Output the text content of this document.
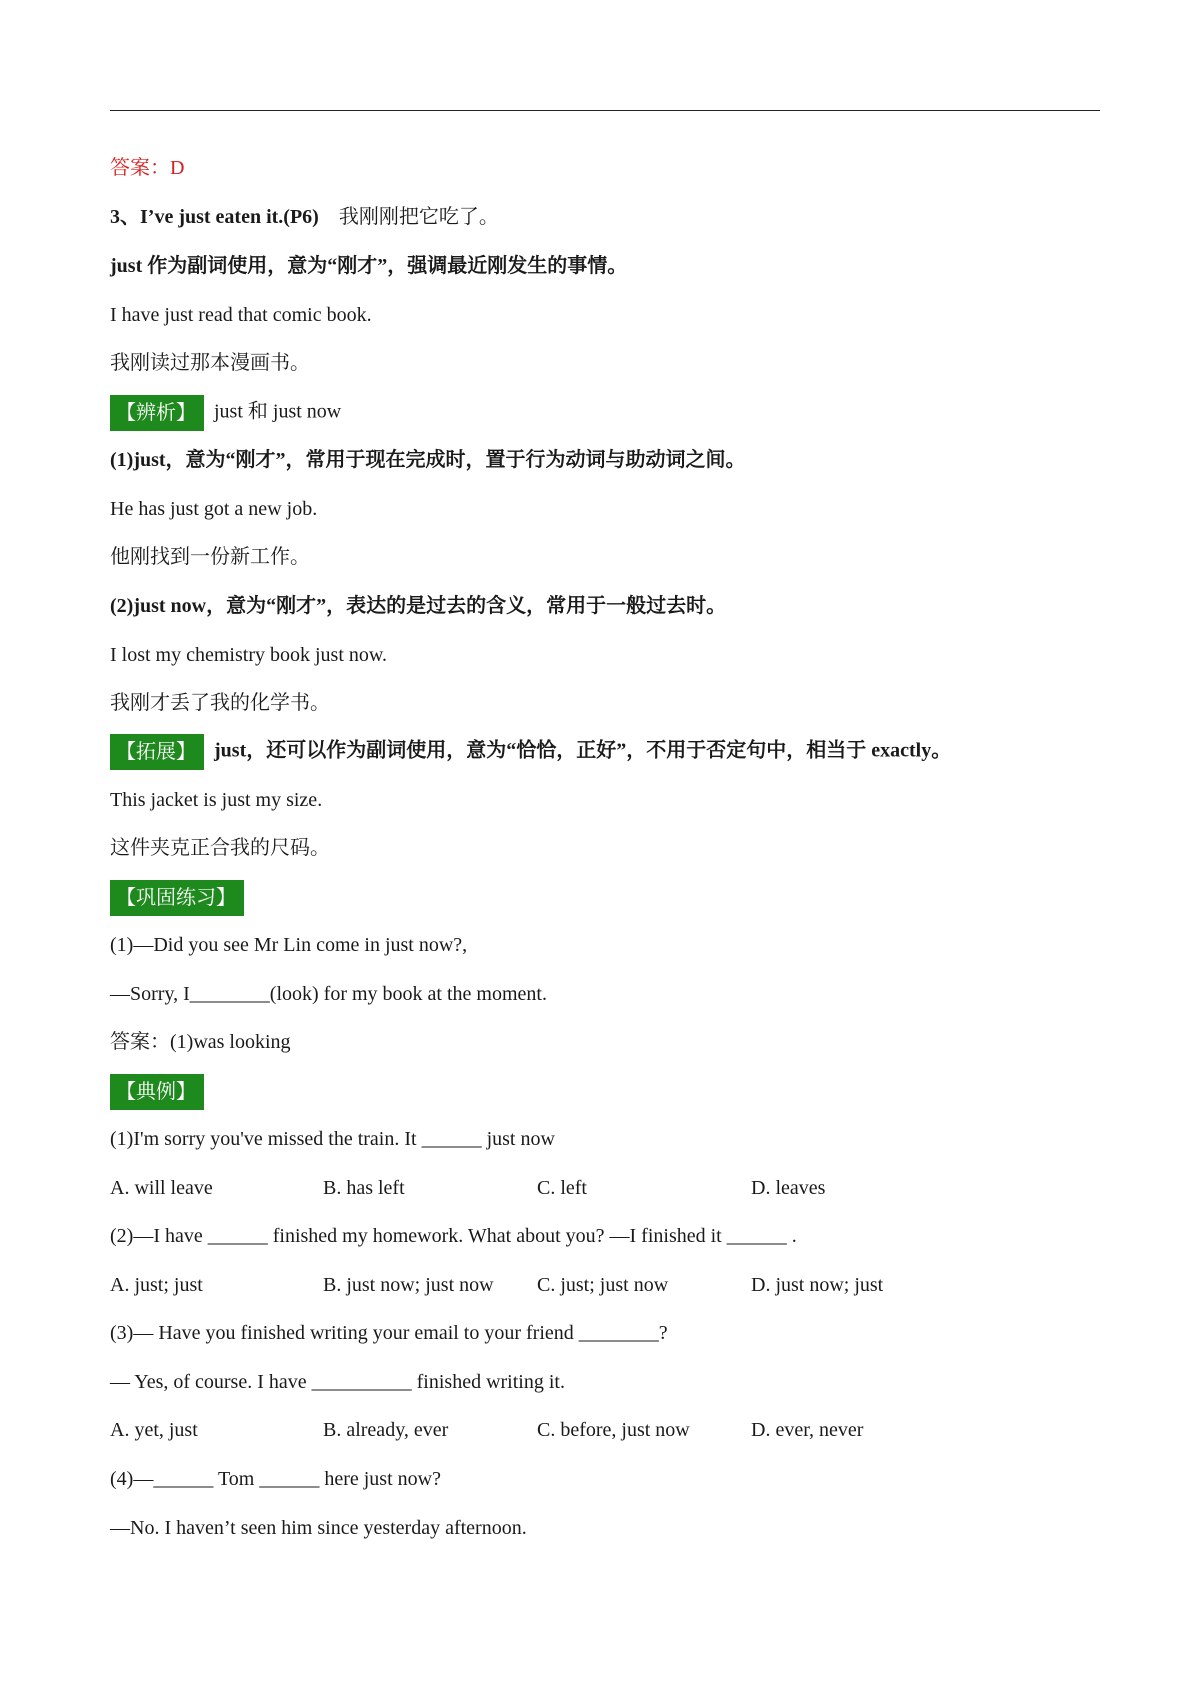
答案：D
3、I’ve just eaten it.(P6) 我刚刚把它吃了。
just 作为副词使用，意为“刚才”，强调最近刚发生的事情。
I have just read that comic book.
我刚读过那本漫画书。
【辨析】 just 和 just now
(1)just，意为“刚才”，常用于现在完成时，置于行为动词与助动词之间。
He has just got a new job.
他刚找到一份新工作。
(2)just now，意为“刚才”，表达的是过去的含义，常用于一般过去时。
I lost my chemistry book just now.
我刚才丢了我的化学书。
【拓展】 just，还可以作为副词使用，意为“恰恰，正好”，不用于否定句中，相当于 exactly。
This jacket is just my size.
这件夹克正合我的尺码。
【巩固练习】
(1)—Did you see Mr Lin come in just now?,
—Sorry, I________(look) for my book at the moment.
答案：(1)was looking
【典例】
(1)I'm sorry you've missed the train. It ______ just now
A. will leave	B. has left	C. left	D. leaves
(2)—I have ______ finished my homework. What about you? —I finished it ______ .
A. just; just	B. just now; just now C. just; just now	D. just now; just
(3)— Have you finished writing your email to your friend ________?
— Yes, of course. I have __________ finished writing it.
A. yet, just	B. already, ever	C. before, just now	D. ever, never
(4)—______ Tom ______ here just now?
—No. I haven’t seen him since yesterday afternoon.
